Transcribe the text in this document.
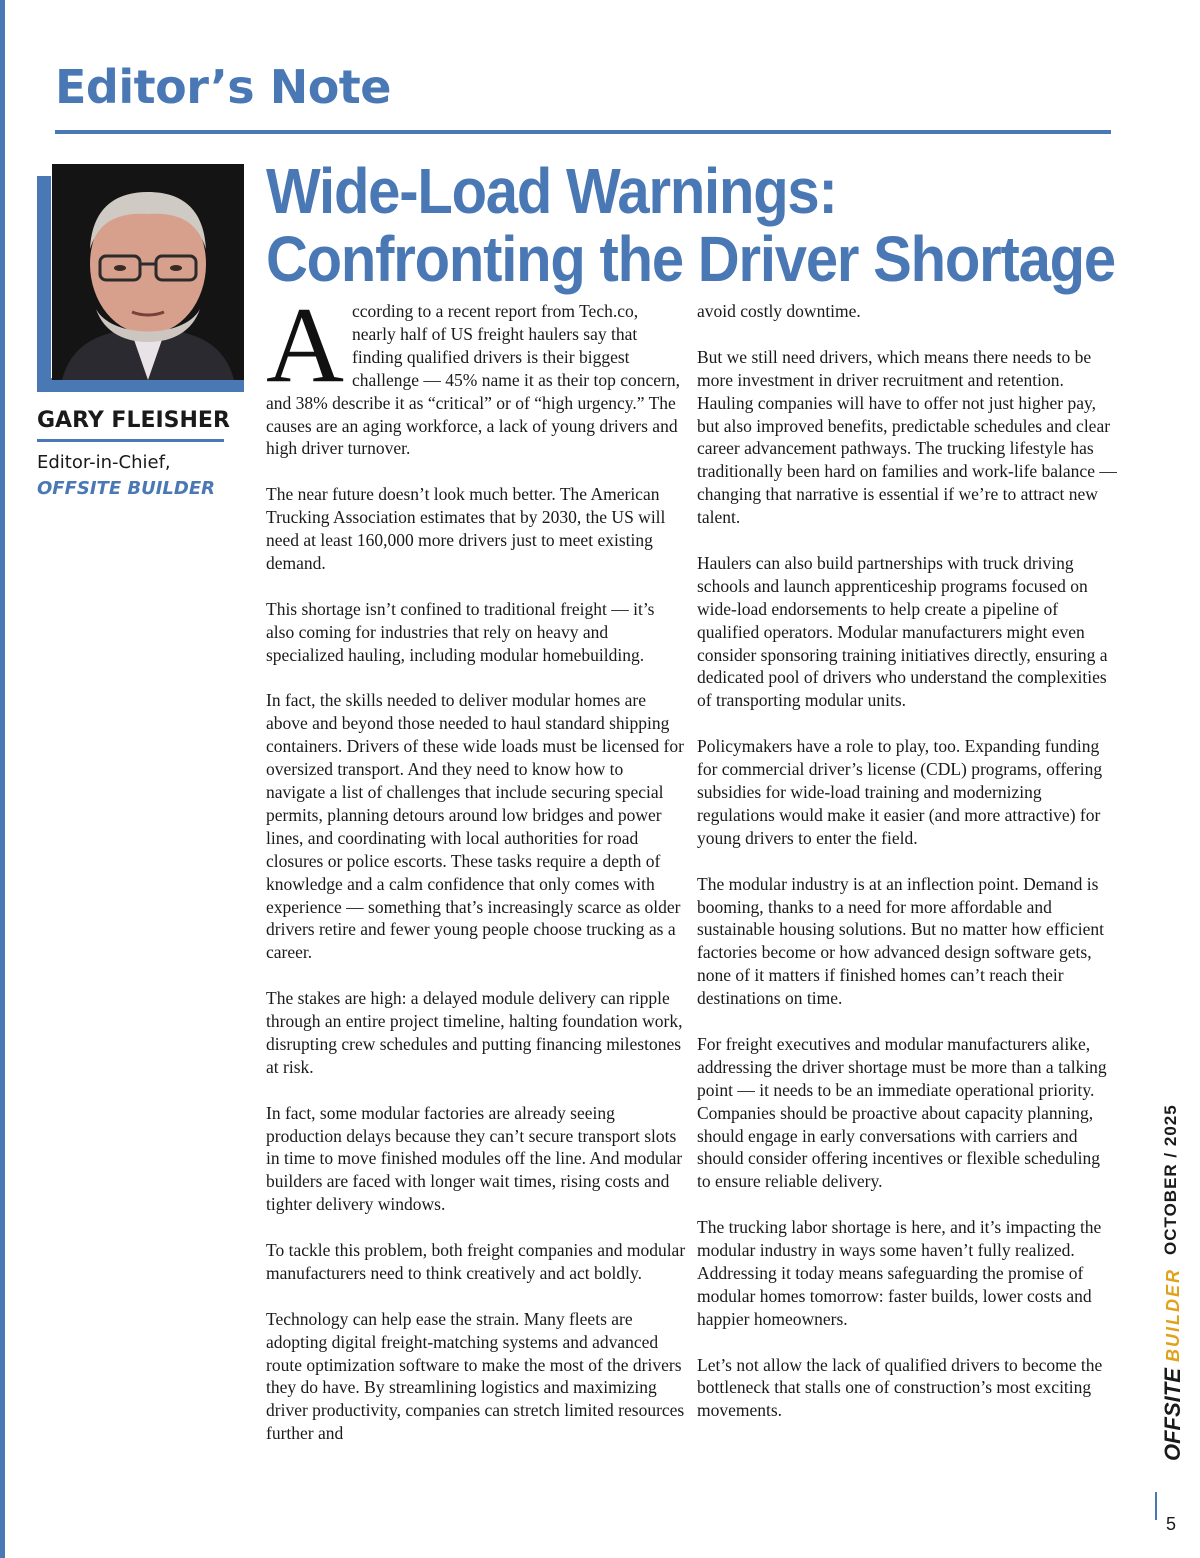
Editor’s Note
GARY FLEISHER

Editor-in-Chief,
OFFSITE BUILDER

Wide-Load Warnings: Confronting the Driver Shortage

According to a recent report from Tech.co, nearly half of US freight haulers say that finding qualified drivers is their biggest challenge — 45% name it as their top concern, and 38% describe it as “critical” or of “high urgency.” The causes are an aging workforce, a lack of young drivers and high driver turnover.

The near future doesn’t look much better. The American Trucking Association estimates that by 2030, the US will need at least 160,000 more drivers just to meet existing demand.

This shortage isn’t confined to traditional freight — it’s also coming for industries that rely on heavy and specialized hauling, including modular homebuilding.

In fact, the skills needed to deliver modular homes are above and beyond those needed to haul standard shipping containers. Drivers of these wide loads must be licensed for oversized transport. And they need to know how to navigate a list of challenges that include securing special permits, planning detours around low bridges and power lines, and coordinating with local authorities for road closures or police escorts. These tasks require a depth of knowledge and a calm confidence that only comes with experience — something that’s increasingly scarce as older drivers retire and fewer young people choose trucking as a career.

The stakes are high: a delayed module delivery can ripple through an entire project timeline, halting foundation work, disrupting crew schedules and putting financing milestones at risk.

In fact, some modular factories are already seeing production delays because they can’t secure transport slots in time to move finished modules off the line. And modular builders are faced with longer wait times, rising costs and tighter delivery windows.

To tackle this problem, both freight companies and modular manufacturers need to think creatively and act boldly.

Technology can help ease the strain. Many fleets are adopting digital freight-matching systems and advanced route optimization software to make the most of the drivers they do have. By streamlining logistics and maximizing driver productivity, companies can stretch limited resources further and

avoid costly downtime.

But we still need drivers, which means there needs to be more investment in driver recruitment and retention. Hauling companies will have to offer not just higher pay, but also improved benefits, predictable schedules and clear career advancement pathways. The trucking lifestyle has traditionally been hard on families and work-life balance — changing that narrative is essential if we’re to attract new talent.

Haulers can also build partnerships with truck driving schools and launch apprenticeship programs focused on wide-load endorsements to help create a pipeline of qualified operators. Modular manufacturers might even consider sponsoring training initiatives directly, ensuring a dedicated pool of drivers who understand the complexities of transporting modular units.

Policymakers have a role to play, too. Expanding funding for commercial driver’s license (CDL) programs, offering subsidies for wide-load training and modernizing regulations would make it easier (and more attractive) for young drivers to enter the field.

The modular industry is at an inflection point. Demand is booming, thanks to a need for more affordable and sustainable housing solutions. But no matter how efficient factories become or how advanced design software gets, none of it matters if finished homes can’t reach their destinations on time.

For freight executives and modular manufacturers alike, addressing the driver shortage must be more than a talking point — it needs to be an immediate operational priority. Companies should be proactive about capacity planning, should engage in early conversations with carriers and should consider offering incentives or flexible scheduling to ensure reliable delivery.

The trucking labor shortage is here, and it’s impacting the modular industry in ways some haven’t fully realized. Addressing it today means safeguarding the promise of modular homes tomorrow: faster builds, lower costs and happier homeowners.

Let’s not allow the lack of qualified drivers to become the bottleneck that stalls one of construction’s most exciting movements.

OCTOBER / 2025
OFFSITE BUILDER

5
